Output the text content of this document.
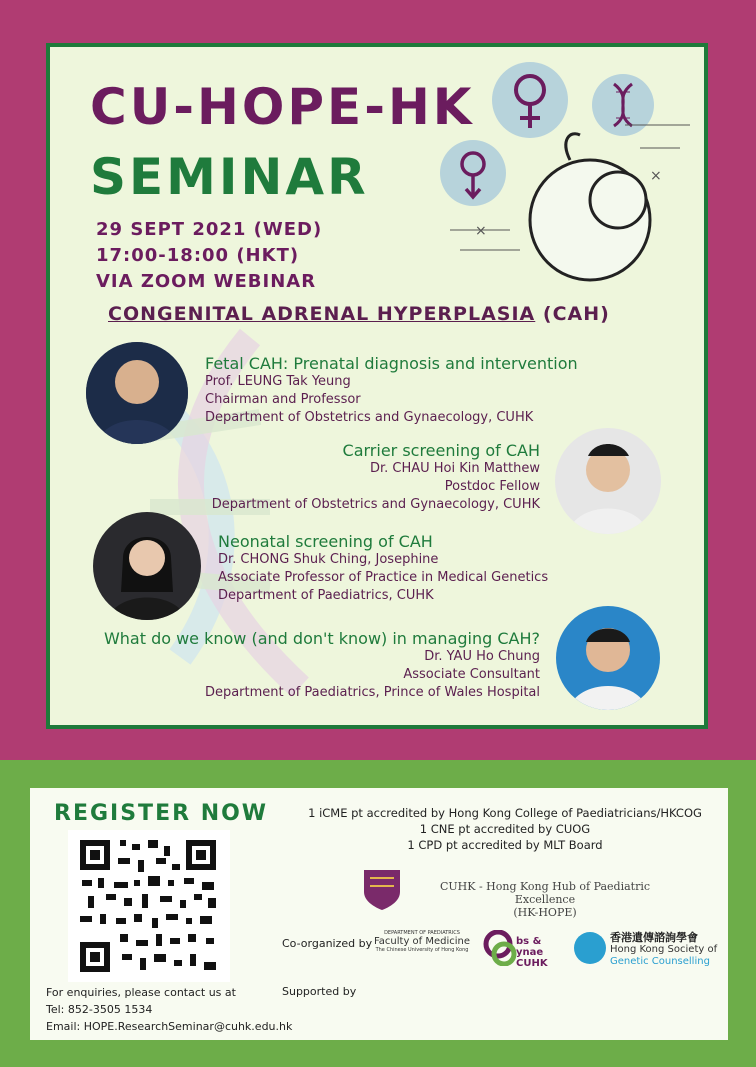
CU-HOPE-HK
SEMINAR	×
×
29 SEPT 2021 (WED)
17:00-18:00 (HKT)
VIA ZOOM WEBINAR
CONGENITAL ADRENAL HYPERPLASIA (CAH)
Fetal CAH: Prenatal diagnosis and intervention
Prof. LEUNG Tak Yeung
Chairman and Professor
Department of Obstetrics and Gynaecology, CUHK
Carrier screening of CAH
Dr. CHAU Hoi Kin Matthew
Postdoc Fellow
Department of Obstetrics and Gynaecology, CUHK
Neonatal screening of CAH
Dr. CHONG Shuk Ching, Josephine
Associate Professor of Practice in Medical Genetics
Department of Paediatrics, CUHK
What do we know (and don't know) in managing CAH?
Dr. YAU Ho Chung
Associate Consultant
Department of Paediatrics, Prince of Wales Hospital
REGISTER NOW
For enquiries, please contact us at
Tel: 852-3505 1534
Email: HOPE.ResearchSeminar@cuhk.edu.hk
1 iCME pt accredited by Hong Kong College of Paediatricians/HKCOG
1 CNE pt accredited by CUOG
1 CPD pt accredited by MLT Board
CUHK - Hong Kong Hub of Paediatric Excellence
(HK-HOPE)
Co-organized by
DEPARTMENT OF PAEDIATRICS
Faculty of Medicine
The Chinese University of Hong Kong
bs & ynae CUHK
香港遺傳諮詢學會
Hong Kong Society of
Genetic Counselling
Supported by
